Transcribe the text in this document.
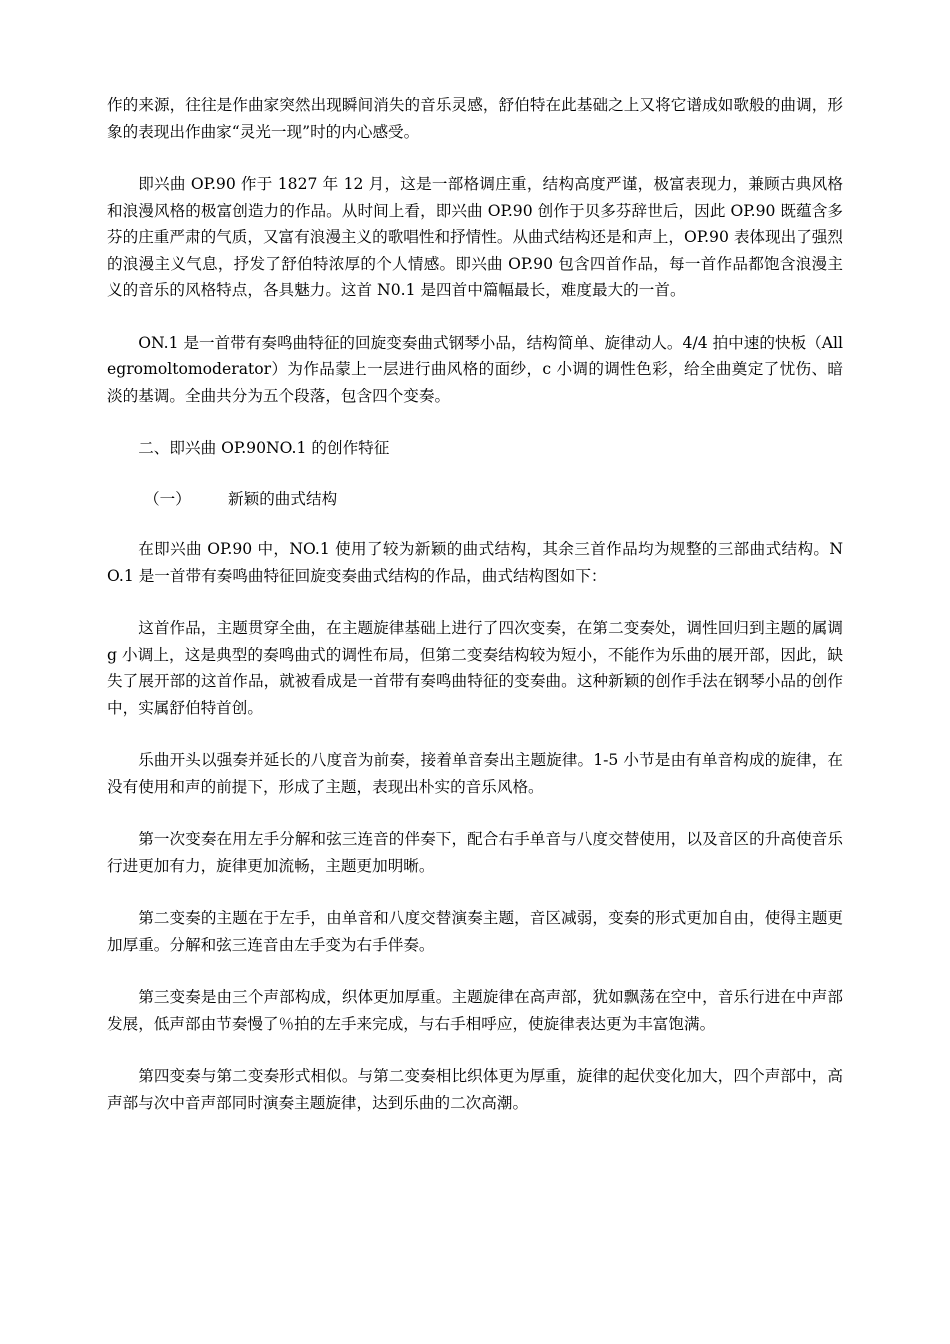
作的来源，往往是作曲家突然出现瞬间消失的音乐灵感，舒伯特在此基础之上又将它谱成如歌般的曲调，形象的表现出作曲家“灵光一现”时的内心感受。

即兴曲 OP.90 作于 1827 年 12 月，这是一部格调庄重，结构高度严谨，极富表现力，兼顾古典风格和浪漫风格的极富创造力的作品。从时间上看，即兴曲 OP.90 创作于贝多芬辞世后，因此 OP.90 既蕴含多芬的庄重严肃的气质，又富有浪漫主义的歌唱性和抒情性。从曲式结构还是和声上，OP.90 表体现出了强烈的浪漫主义气息，抒发了舒伯特浓厚的个人情感。即兴曲 OP.90 包含四首作品，每一首作品都饱含浪漫主义的音乐的风格特点，各具魅力。这首 N0.1 是四首中篇幅最长，难度最大的一首。

ON.1 是一首带有奏鸣曲特征的回旋变奏曲式钢琴小品，结构简单、旋律动人。4/4 拍中速的快板（Allegromoltomoderator）为作品蒙上一层进行曲风格的面纱，c 小调的调性色彩，给全曲奠定了忧伤、暗淡的基调。全曲共分为五个段落，包含四个变奏。

二、即兴曲 OP.90NO.1 的创作特征

（一） 新颖的曲式结构

在即兴曲 OP.90 中，NO.1 使用了较为新颖的曲式结构，其余三首作品均为规整的三部曲式结构。NO.1 是一首带有奏鸣曲特征回旋变奏曲式结构的作品，曲式结构图如下：

这首作品，主题贯穿全曲，在主题旋律基础上进行了四次变奏，在第二变奏处，调性回归到主题的属调 g 小调上，这是典型的奏鸣曲式的调性布局，但第二变奏结构较为短小，不能作为乐曲的展开部，因此，缺失了展开部的这首作品，就被看成是一首带有奏鸣曲特征的变奏曲。这种新颖的创作手法在钢琴小品的创作中，实属舒伯特首创。

乐曲开头以强奏并延长的八度音为前奏，接着单音奏出主题旋律。1-5 小节是由有单音构成的旋律，在没有使用和声的前提下，形成了主题，表现出朴实的音乐风格。

第一次变奏在用左手分解和弦三连音的伴奏下，配合右手单音与八度交替使用，以及音区的升高使音乐行进更加有力，旋律更加流畅，主题更加明晰。

第二变奏的主题在于左手，由单音和八度交替演奏主题，音区减弱，变奏的形式更加自由，使得主题更加厚重。分解和弦三连音由左手变为右手伴奏。

第三变奏是由三个声部构成，织体更加厚重。主题旋律在高声部，犹如飘荡在空中，音乐行进在中声部发展，低声部由节奏慢了％拍的左手来完成，与右手相呼应，使旋律表达更为丰富饱满。

第四变奏与第二变奏形式相似。与第二变奏相比织体更为厚重，旋律的起伏变化加大，四个声部中，高声部与次中音声部同时演奏主题旋律，达到乐曲的二次高潮。
